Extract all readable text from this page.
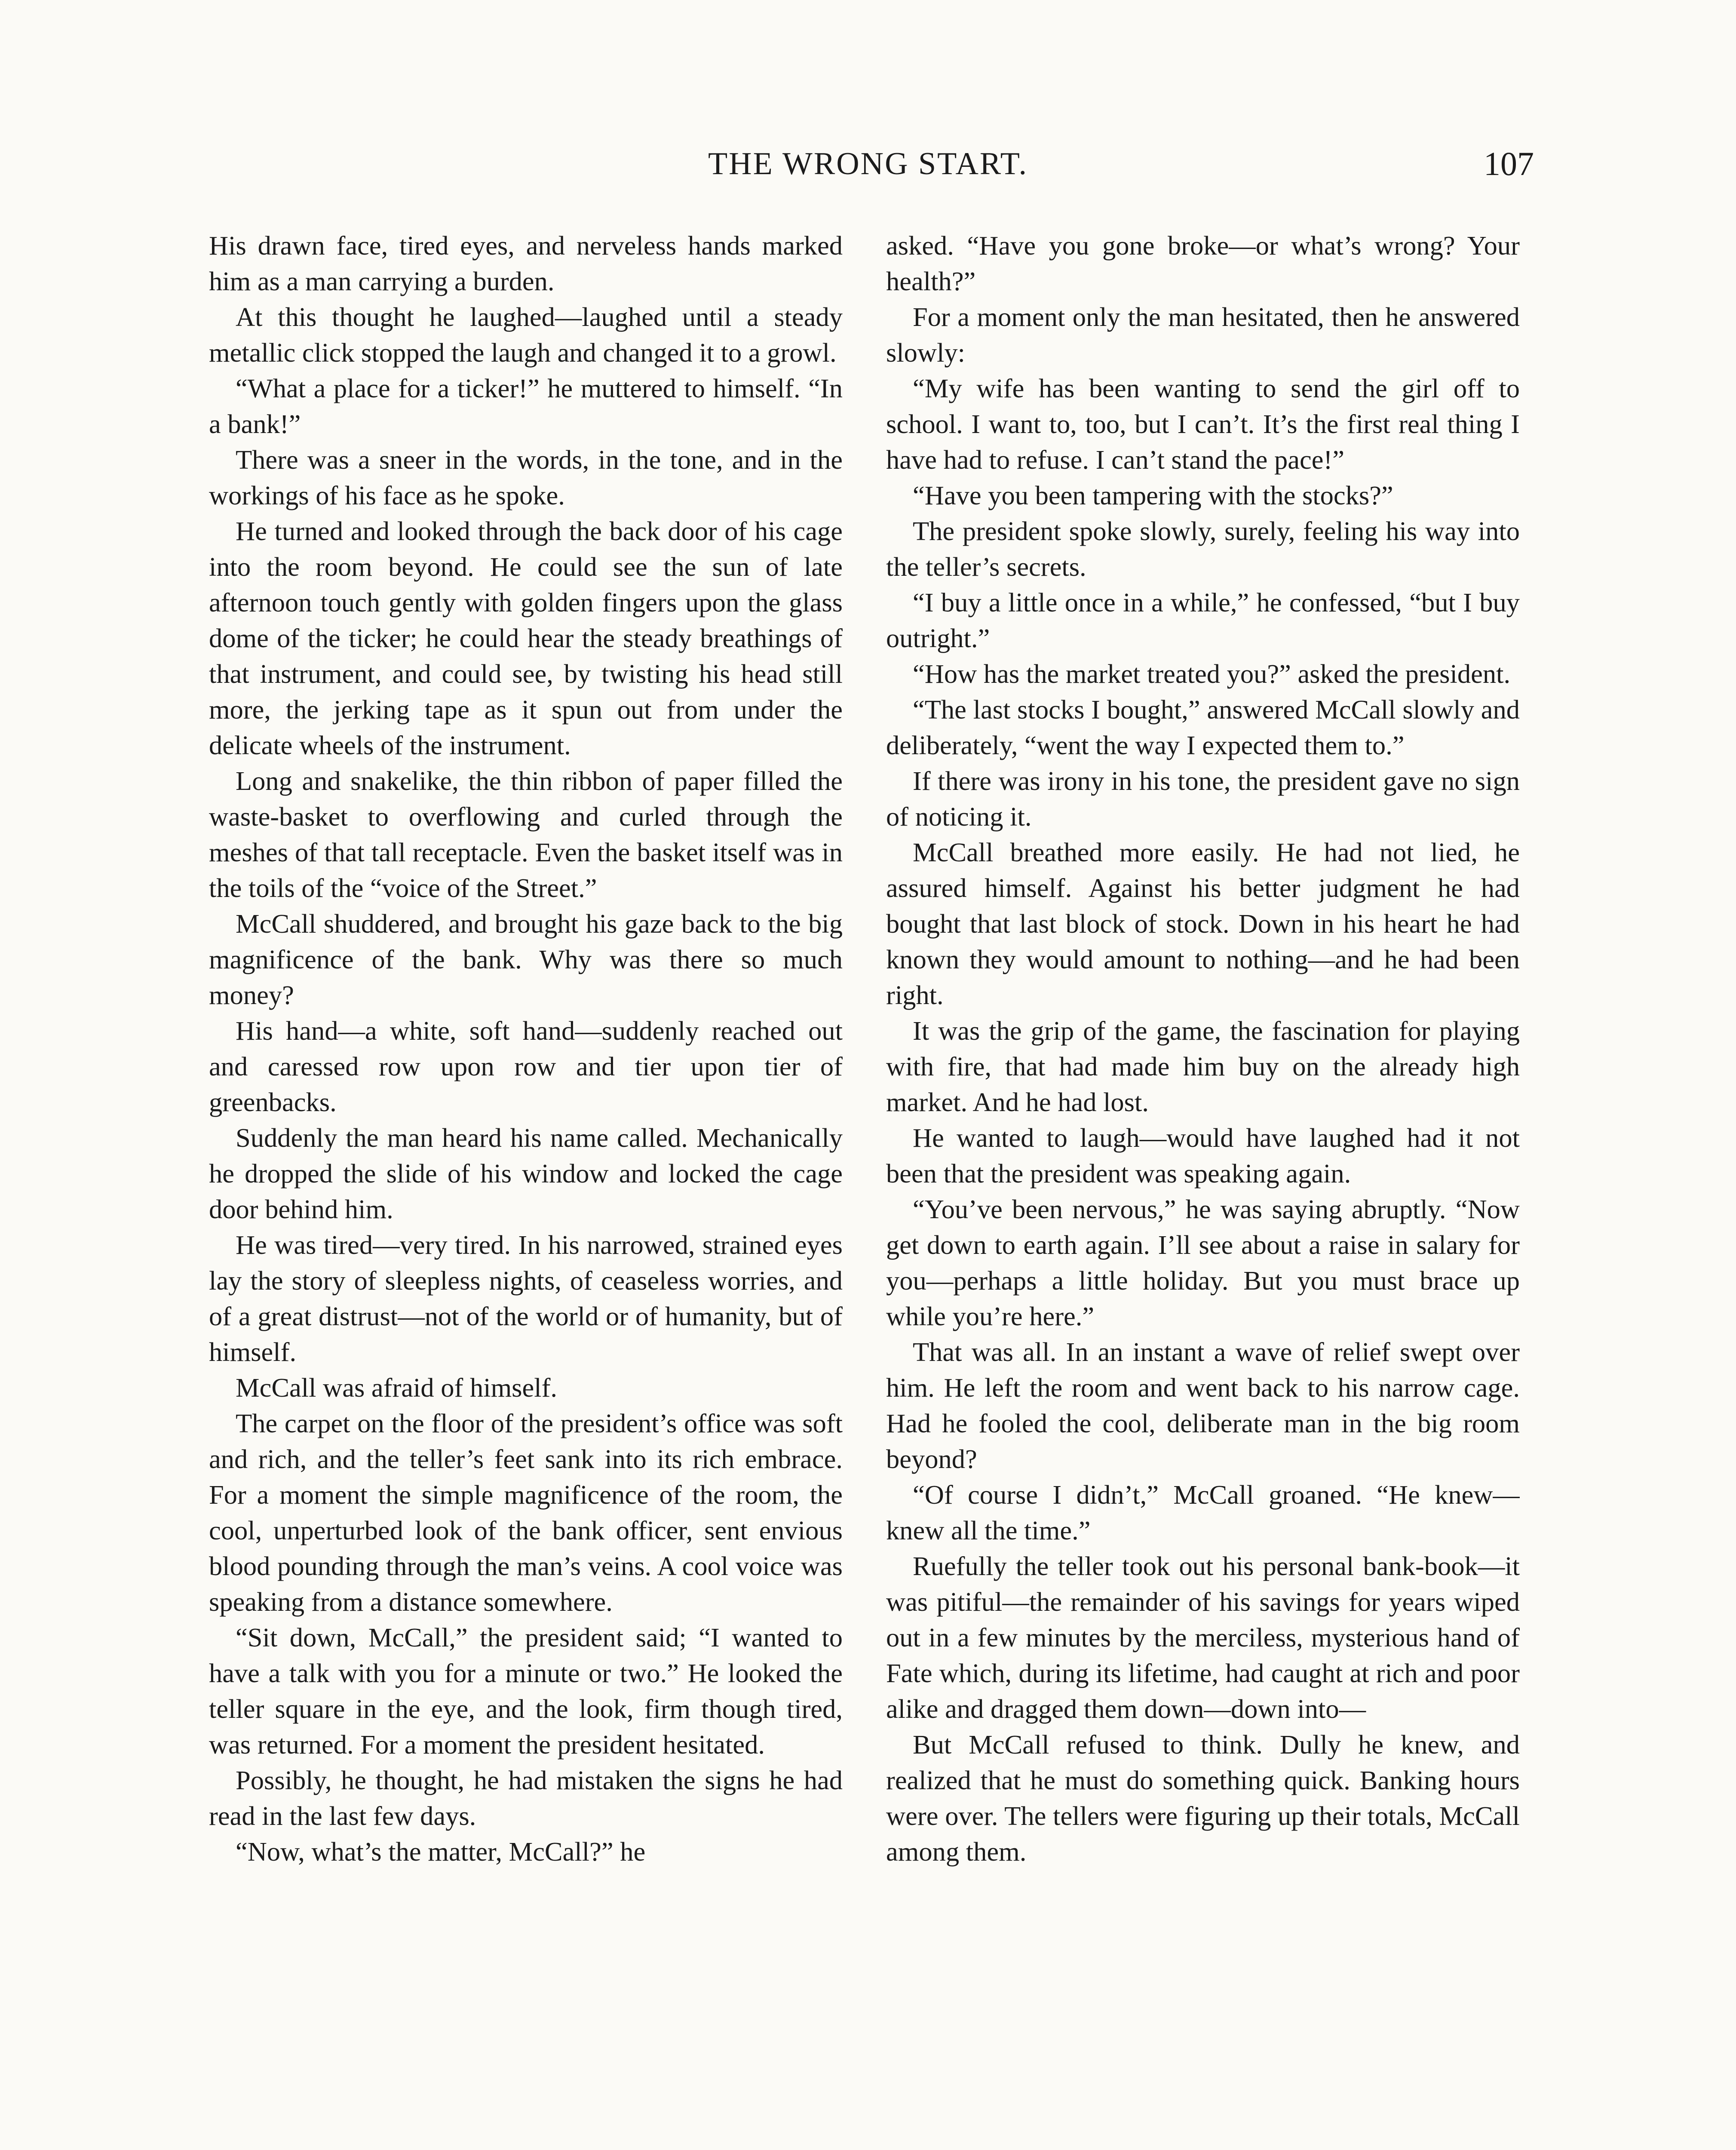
THE WRONG START.	107

His drawn face, tired eyes, and nerveless hands marked him as a man carrying a burden.

At this thought he laughed—laughed until a steady metallic click stopped the laugh and changed it to a growl.

“What a place for a ticker!” he muttered to himself. “In a bank!”

There was a sneer in the words, in the tone, and in the workings of his face as he spoke.

He turned and looked through the back door of his cage into the room beyond. He could see the sun of late afternoon touch gently with golden fingers upon the glass dome of the ticker; he could hear the steady breathings of that instrument, and could see, by twisting his head still more, the jerking tape as it spun out from under the delicate wheels of the instrument.

Long and snakelike, the thin ribbon of paper filled the waste-basket to overflowing and curled through the meshes of that tall receptacle. Even the basket itself was in the toils of the “voice of the Street.”

McCall shuddered, and brought his gaze back to the big magnificence of the bank. Why was there so much money?

His hand—a white, soft hand—suddenly reached out and caressed row upon row and tier upon tier of greenbacks.

Suddenly the man heard his name called. Mechanically he dropped the slide of his window and locked the cage door behind him.

He was tired—very tired. In his narrowed, strained eyes lay the story of sleepless nights, of ceaseless worries, and of a great distrust—not of the world or of humanity, but of himself.

McCall was afraid of himself.

The carpet on the floor of the president’s office was soft and rich, and the teller’s feet sank into its rich embrace. For a moment the simple magnificence of the room, the cool, unperturbed look of the bank officer, sent envious blood pounding through the man’s veins. A cool voice was speaking from a distance somewhere.

“Sit down, McCall,” the president said; “I wanted to have a talk with you for a minute or two.” He looked the teller square in the eye, and the look, firm though tired, was returned. For a moment the president hesitated.

Possibly, he thought, he had mistaken the signs he had read in the last few days.

“Now, what’s the matter, McCall?” he

asked. “Have you gone broke—or what’s wrong? Your health?”

For a moment only the man hesitated, then he answered slowly:

“My wife has been wanting to send the girl off to school. I want to, too, but I can’t. It’s the first real thing I have had to refuse. I can’t stand the pace!”

“Have you been tampering with the stocks?”

The president spoke slowly, surely, feeling his way into the teller’s secrets.

“I buy a little once in a while,” he confessed, “but I buy outright.”

“How has the market treated you?” asked the president.

“The last stocks I bought,” answered McCall slowly and deliberately, “went the way I expected them to.”

If there was irony in his tone, the president gave no sign of noticing it.

McCall breathed more easily. He had not lied, he assured himself. Against his better judgment he had bought that last block of stock. Down in his heart he had known they would amount to nothing—and he had been right.

It was the grip of the game, the fascination for playing with fire, that had made him buy on the already high market. And he had lost.

He wanted to laugh—would have laughed had it not been that the president was speaking again.

“You’ve been nervous,” he was saying abruptly. “Now get down to earth again. I’ll see about a raise in salary for you—perhaps a little holiday. But you must brace up while you’re here.”

That was all. In an instant a wave of relief swept over him. He left the room and went back to his narrow cage. Had he fooled the cool, deliberate man in the big room beyond?

“Of course I didn’t,” McCall groaned. “He knew—knew all the time.”

Ruefully the teller took out his personal bank-book—it was pitiful—the remainder of his savings for years wiped out in a few minutes by the merciless, mysterious hand of Fate which, during its lifetime, had caught at rich and poor alike and dragged them down—down into—

But McCall refused to think. Dully he knew, and realized that he must do something quick. Banking hours were over. The tellers were figuring up their totals, McCall among them.
